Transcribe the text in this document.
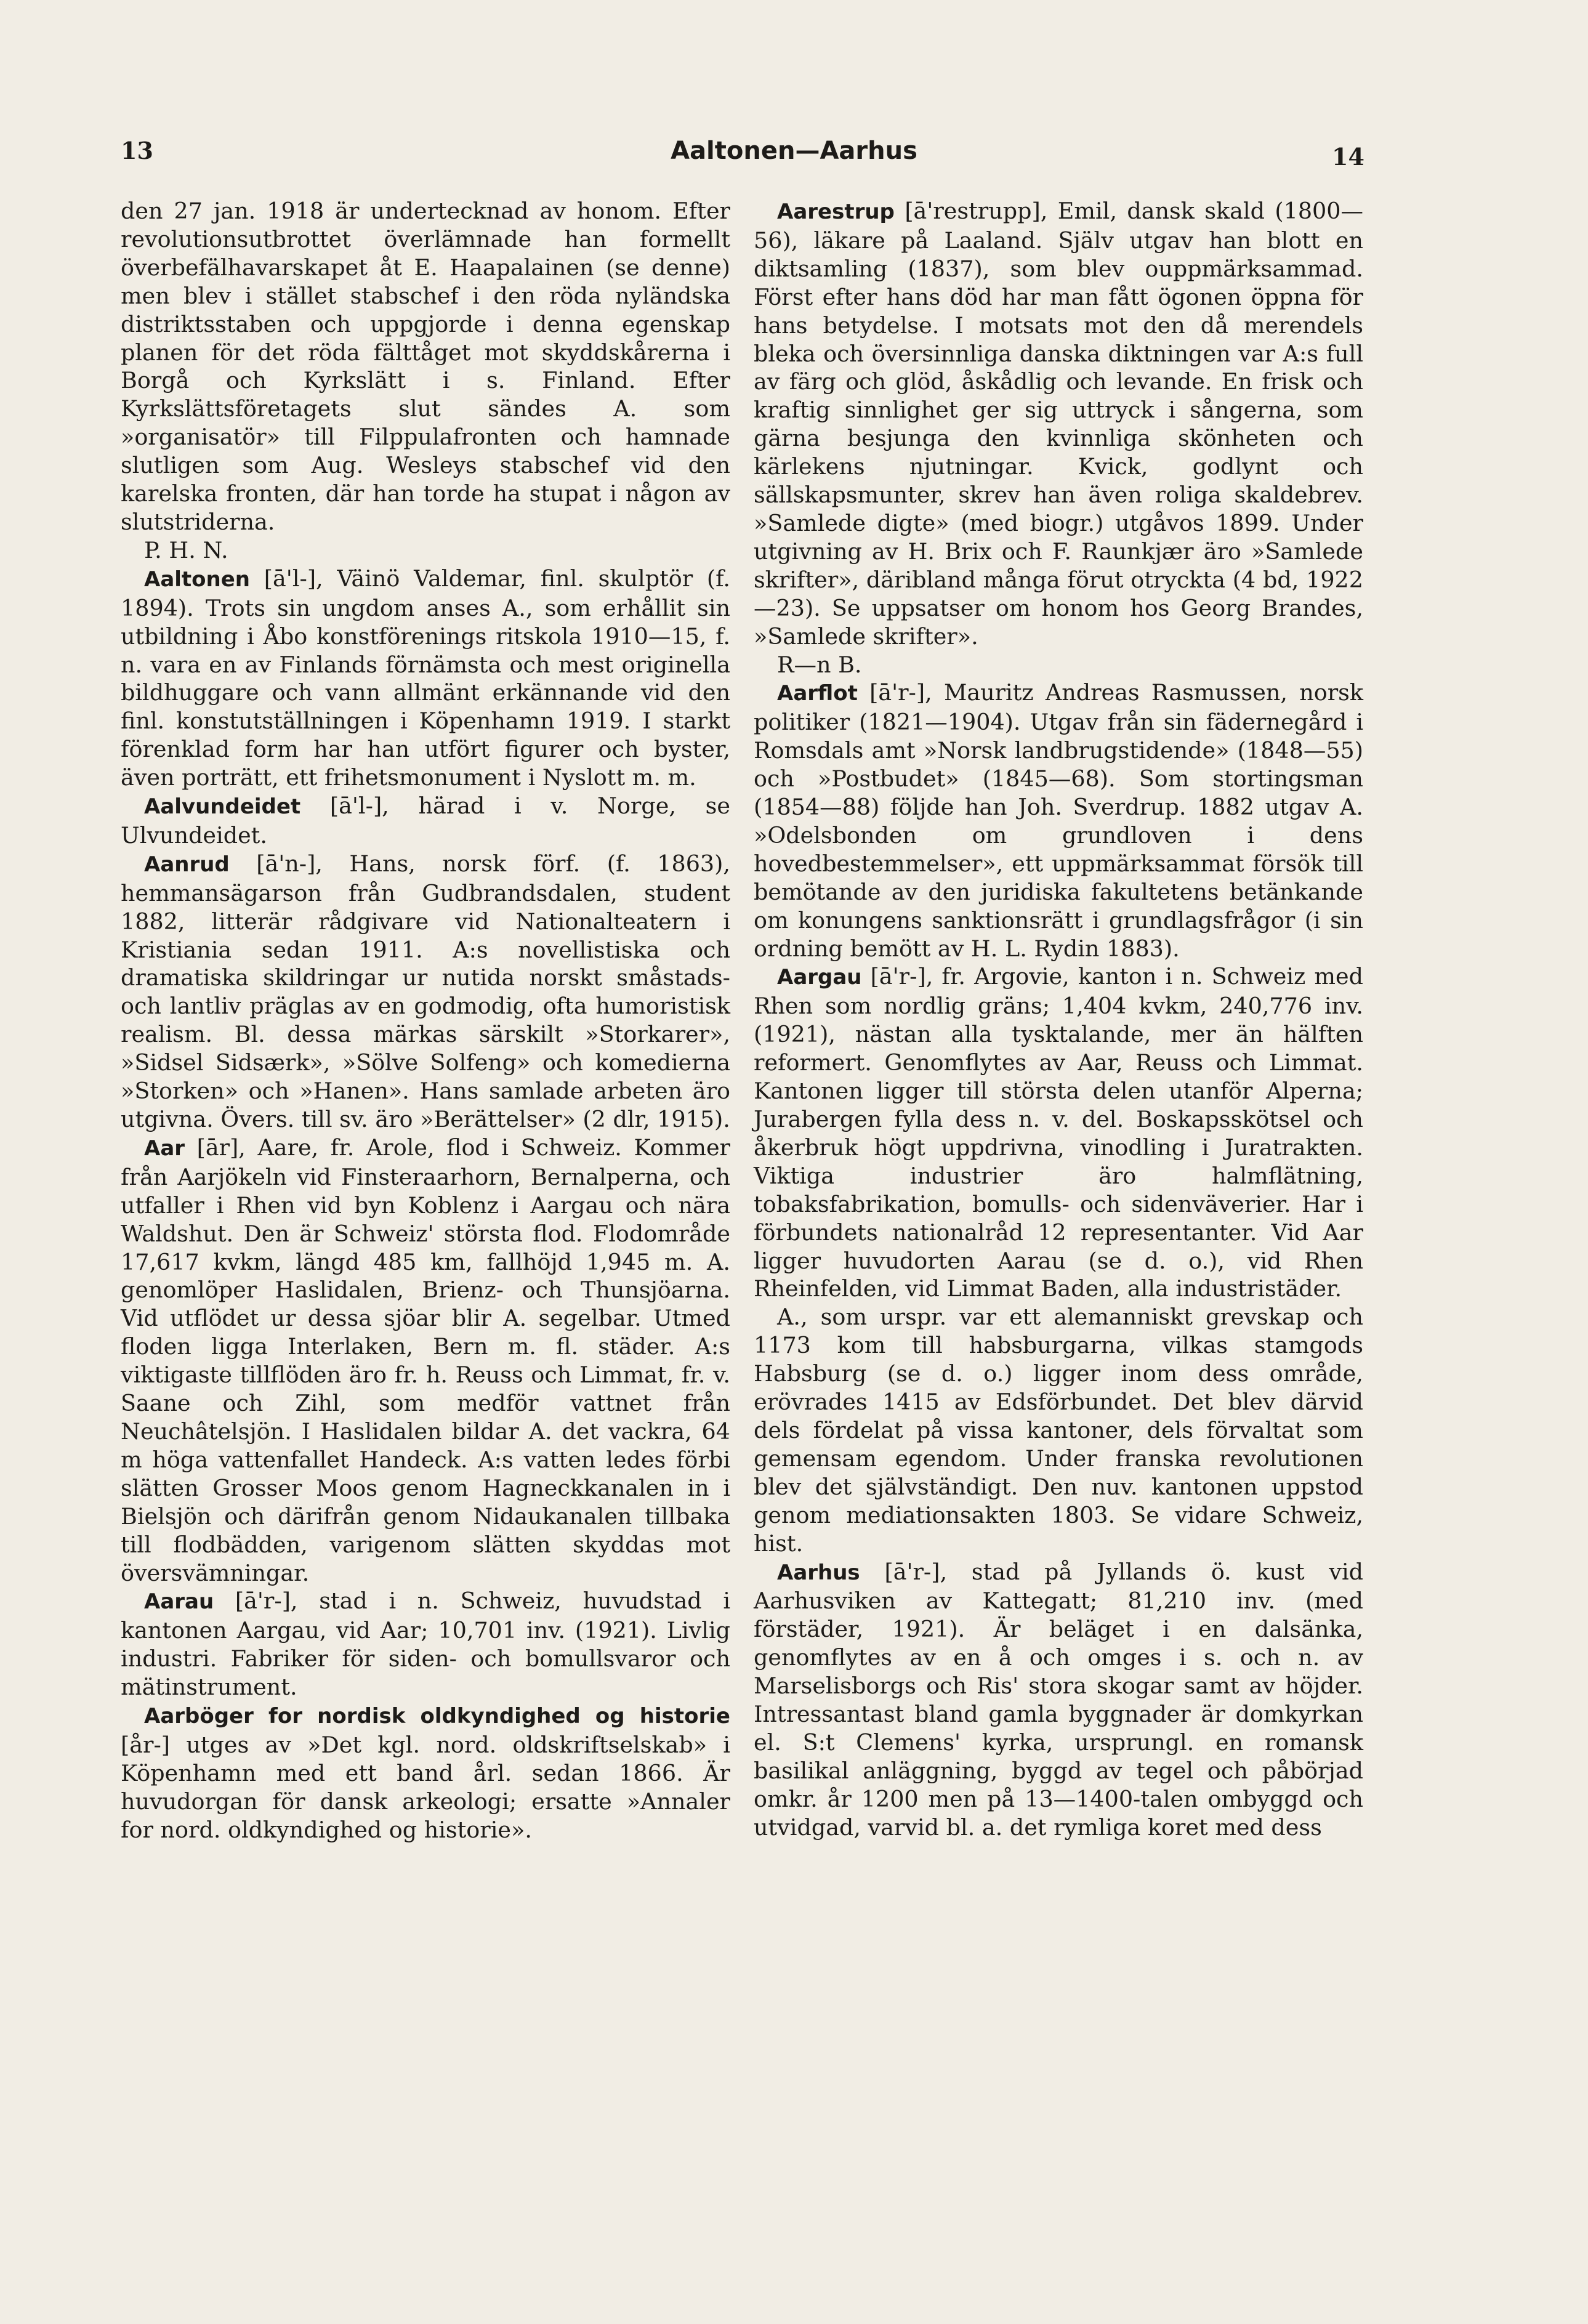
13	Aaltonen—Aarhus	14

den 27 jan. 1918 är undertecknad av honom. Efter revolutionsutbrottet överlämnade han formellt överbefälhavarskapet åt E. Haapalainen (se denne) men blev i stället stabschef i den röda nyländska distriktsstaben och uppgjorde i denna egenskap planen för det röda fälttåget mot skyddskårerna i Borgå och Kyrkslätt i s. Finland. Efter Kyrkslättsföretagets slut sändes A. som »organisatör» till Filppulafronten och hamnade slutligen som Aug. Wesleys stabschef vid den karelska fronten, där han torde ha stupat i någon av slutstriderna.

P. H. N.

Aaltonen [ā'l-], Väinö Valdemar, finl. skulptör (f. 1894). Trots sin ungdom anses A., som erhållit sin utbildning i Åbo konstförenings ritskola 1910—15, f. n. vara en av Finlands förnämsta och mest originella bildhuggare och vann allmänt erkännande vid den finl. konstutställningen i Köpenhamn 1919. I starkt förenklad form har han utfört figurer och byster, även porträtt, ett frihetsmonument i Nyslott m. m.

Aalvundeidet [ā'l-], härad i v. Norge, se Ulvundeidet.

Aanrud [ā'n-], Hans, norsk förf. (f. 1863), hemmansägarson från Gudbrandsdalen, student 1882, litterär rådgivare vid Nationalteatern i Kristiania sedan 1911. A:s novellistiska och dramatiska skildringar ur nutida norskt småstads- och lantliv präglas av en godmodig, ofta humoristisk realism. Bl. dessa märkas särskilt »Storkarer», »Sidsel Sidsærk», »Sölve Solfeng» och komedierna »Storken» och »Hanen». Hans samlade arbeten äro utgivna. Övers. till sv. äro »Berättelser» (2 dlr, 1915).

Aar [ār], Aare, fr. Arole, flod i Schweiz. Kommer från Aarjökeln vid Finsteraarhorn, Bernalperna, och utfaller i Rhen vid byn Koblenz i Aargau och nära Waldshut. Den är Schweiz' största flod. Flodområde 17,617 kvkm, längd 485 km, fallhöjd 1,945 m. A. genomlöper Haslidalen, Brienz- och Thunsjöarna. Vid utflödet ur dessa sjöar blir A. segelbar. Utmed floden ligga Interlaken, Bern m. fl. städer. A:s viktigaste tillflöden äro fr. h. Reuss och Limmat, fr. v. Saane och Zihl, som medför vattnet från Neuchâtelsjön. I Haslidalen bildar A. det vackra, 64 m höga vattenfallet Handeck. A:s vatten ledes förbi slätten Grosser Moos genom Hagneckkanalen in i Bielsjön och därifrån genom Nidaukanalen tillbaka till flodbädden, varigenom slätten skyddas mot översvämningar.

Aarau [ā'r-], stad i n. Schweiz, huvudstad i kantonen Aargau, vid Aar; 10,701 inv. (1921). Livlig industri. Fabriker för siden- och bomullsvaror och mätinstrument.

Aarböger for nordisk oldkyndighed og historie [år-] utges av »Det kgl. nord. oldskriftselskab» i Köpenhamn med ett band årl. sedan 1866. Är huvudorgan för dansk arkeologi; ersatte »Annaler for nord. oldkyndighed og historie».

Aarestrup [ā'restrupp], Emil, dansk skald (1800—56), läkare på Laaland. Själv utgav han blott en diktsamling (1837), som blev ouppmärksammad. Först efter hans död har man fått ögonen öppna för hans betydelse. I motsats mot den då merendels bleka och översinnliga danska diktningen var A:s full av färg och glöd, åskådlig och levande. En frisk och kraftig sinnlighet ger sig uttryck i sångerna, som gärna besjunga den kvinnliga skönheten och kärlekens njutningar. Kvick, godlynt och sällskapsmunter, skrev han även roliga skaldebrev. »Samlede digte» (med biogr.) utgåvos 1899. Under utgivning av H. Brix och F. Raunkjær äro »Samlede skrifter», däribland många förut otryckta (4 bd, 1922—23). Se uppsatser om honom hos Georg Brandes, »Samlede skrifter».

R—n B.

Aarflot [ā'r-], Mauritz Andreas Rasmussen, norsk politiker (1821—1904). Utgav från sin fädernegård i Romsdals amt »Norsk landbrugstidende» (1848—55) och »Postbudet» (1845—68). Som stortingsman (1854—88) följde han Joh. Sverdrup. 1882 utgav A. »Odelsbonden om grundloven i dens hovedbestemmelser», ett uppmärksammat försök till bemötande av den juridiska fakultetens betänkande om konungens sanktionsrätt i grundlagsfrågor (i sin ordning bemött av H. L. Rydin 1883).

Aargau [ā'r-], fr. Argovie, kanton i n. Schweiz med Rhen som nordlig gräns; 1,404 kvkm, 240,776 inv. (1921), nästan alla tysktalande, mer än hälften reformert. Genomflytes av Aar, Reuss och Limmat. Kantonen ligger till största delen utanför Alperna; Jurabergen fylla dess n. v. del. Boskapsskötsel och åkerbruk högt uppdrivna, vinodling i Juratrakten. Viktiga industrier äro halmflätning, tobaksfabrikation, bomulls- och sidenväverier. Har i förbundets nationalråd 12 representanter. Vid Aar ligger huvudorten Aarau (se d. o.), vid Rhen Rheinfelden, vid Limmat Baden, alla industristäder.

A., som urspr. var ett alemanniskt grevskap och 1173 kom till habsburgarna, vilkas stamgods Habsburg (se d. o.) ligger inom dess område, erövrades 1415 av Edsförbundet. Det blev därvid dels fördelat på vissa kantoner, dels förvaltat som gemensam egendom. Under franska revolutionen blev det självständigt. Den nuv. kantonen uppstod genom mediationsakten 1803. Se vidare Schweiz, hist.

Aarhus [ā'r-], stad på Jyllands ö. kust vid Aarhusviken av Kattegatt; 81,210 inv. (med förstäder, 1921). Är beläget i en dalsänka, genomflytes av en å och omges i s. och n. av Marselisborgs och Ris' stora skogar samt av höjder. Intressantast bland gamla byggnader är domkyrkan el. S:t Clemens' kyrka, ursprungl. en romansk basilikal anläggning, byggd av tegel och påbörjad omkr. år 1200 men på 13—1400-talen ombyggd och utvidgad, varvid bl. a. det rymliga koret med dess
